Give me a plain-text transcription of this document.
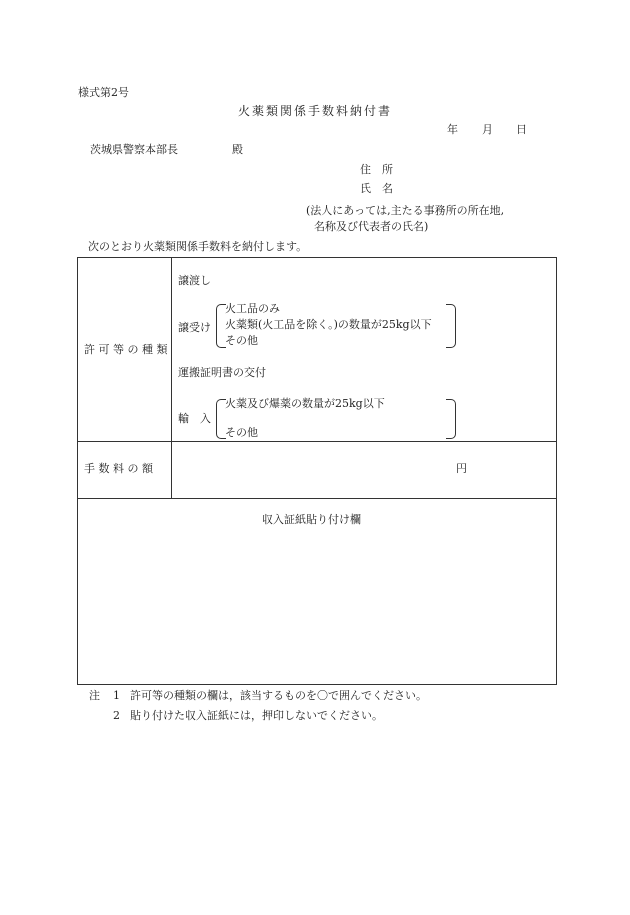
様式第2号
火薬類関係手数料納付書
年 月 日
茨城県警察本部長	殿
住　所
氏　名
(法人にあっては,主たる事務所の所在地,
名称及び代表者の氏名)
次のとおり火薬類関係手数料を納付します。
許 可 等 の 種 類
譲渡し
譲受け
火工品のみ
火薬類(火工品を除く。)の数量が25kg以下
その他
運搬証明書の交付
輸　入
火薬及び爆薬の数量が25kg以下
その他
手 数 料 の 額	円
収入証紙貼り付け欄
注 1 許可等の種類の欄は，該当するものを〇で囲んでください。
2 貼り付けた収入証紙には，押印しないでください。
